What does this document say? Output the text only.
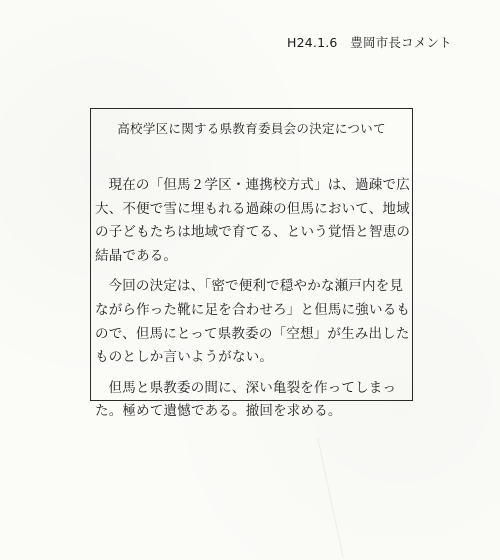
H24.1.6　豊岡市長コメント
高校学区に関する県教育委員会の決定について

現在の「但馬２学区・連携校方式」は、過疎で広大、不便で雪に埋もれる過疎の但馬において、地域の子どもたちは地域で育てる、という覚悟と智恵の結晶である。

今回の決定は、「密で便利で穏やかな瀬戸内を見ながら作った靴に足を合わせろ」と但馬に強いるもので、但馬にとって県教委の「空想」が生み出したものとしか言いようがない。

但馬と県教委の間に、深い亀裂を作ってしまった。極めて遺憾である。撤回を求める。
